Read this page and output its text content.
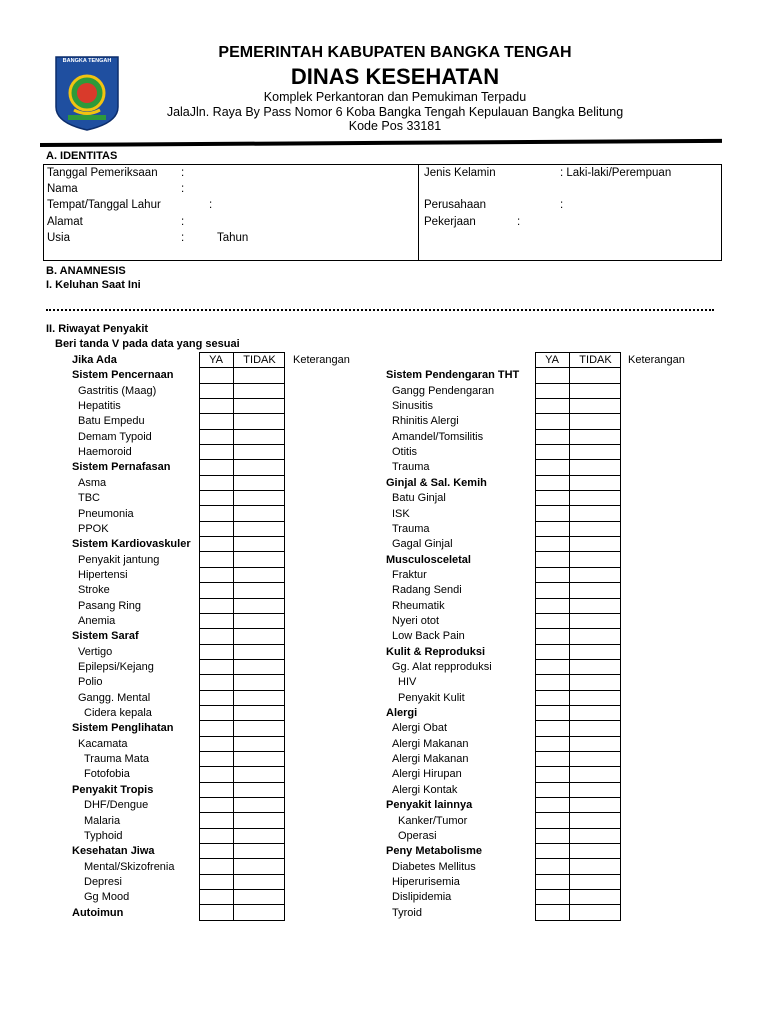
BANGKA TENGAH	PEMERINTAH KABUPATEN BANGKA TENGAH
DINAS KESEHATAN
Komplek Perkantoran dan Pemukiman Terpadu
JalaJln. Raya By Pass Nomor 6 Koba Bangka Tengah Kepulauan Bangka Belitung
Kode Pos 33181
A. IDENTITAS
Tanggal Pemeriksaan :
Nama	:
Tempat/Tanggal Lahur	:
Alamat	:
Usia	:	Tahun
Jenis Kelamin	: Laki-laki/Perempuan
Perusahaan	:
Pekerjaan	:
B. ANAMNESIS
I. Keluhan Saat Ini
II. Riwayat Penyakit
Beri tanda V pada data yang sesuai
Jika Ada	YA	TIDAK	Keterangan	YA	TIDAK	Keterangan

Sistem Pencernaan
Gastritis (Maag)
Hepatitis
Batu Empedu
Demam Typoid
Haemoroid
Sistem Pernafasan
Asma
TBC
Pneumonia
PPOK
Sistem Kardiovaskuler
Penyakit jantung
Hipertensi
Stroke
Pasang Ring
Anemia
Sistem Saraf
Vertigo
Epilepsi/Kejang
Polio
Gangg. Mental
Cidera kepala
Sistem Penglihatan
Kacamata
Trauma Mata
Fotofobia
Penyakit Tropis
DHF/Dengue
Malaria
Typhoid
Kesehatan Jiwa
Mental/Skizofrenia
Depresi
Gg Mood
Autoimun

Sistem Pendengaran THT
Gangg Pendengaran
Sinusitis
Rhinitis Alergi
Amandel/Tomsilitis
Otitis
Trauma
Ginjal & Sal. Kemih
Batu Ginjal
ISK
Trauma
Gagal Ginjal
Musculosceletal
Fraktur
Radang Sendi
Rheumatik
Nyeri otot
Low Back Pain
Kulit & Reproduksi
Gg. Alat repproduksi
HIV
Penyakit Kulit
Alergi
Alergi Obat
Alergi Makanan
Alergi Makanan
Alergi Hirupan
Alergi Kontak
Penyakit lainnya
Kanker/Tumor
Operasi
Peny Metabolisme
Diabetes Mellitus
Hiperurisemia
Dislipidemia
Tyroid
